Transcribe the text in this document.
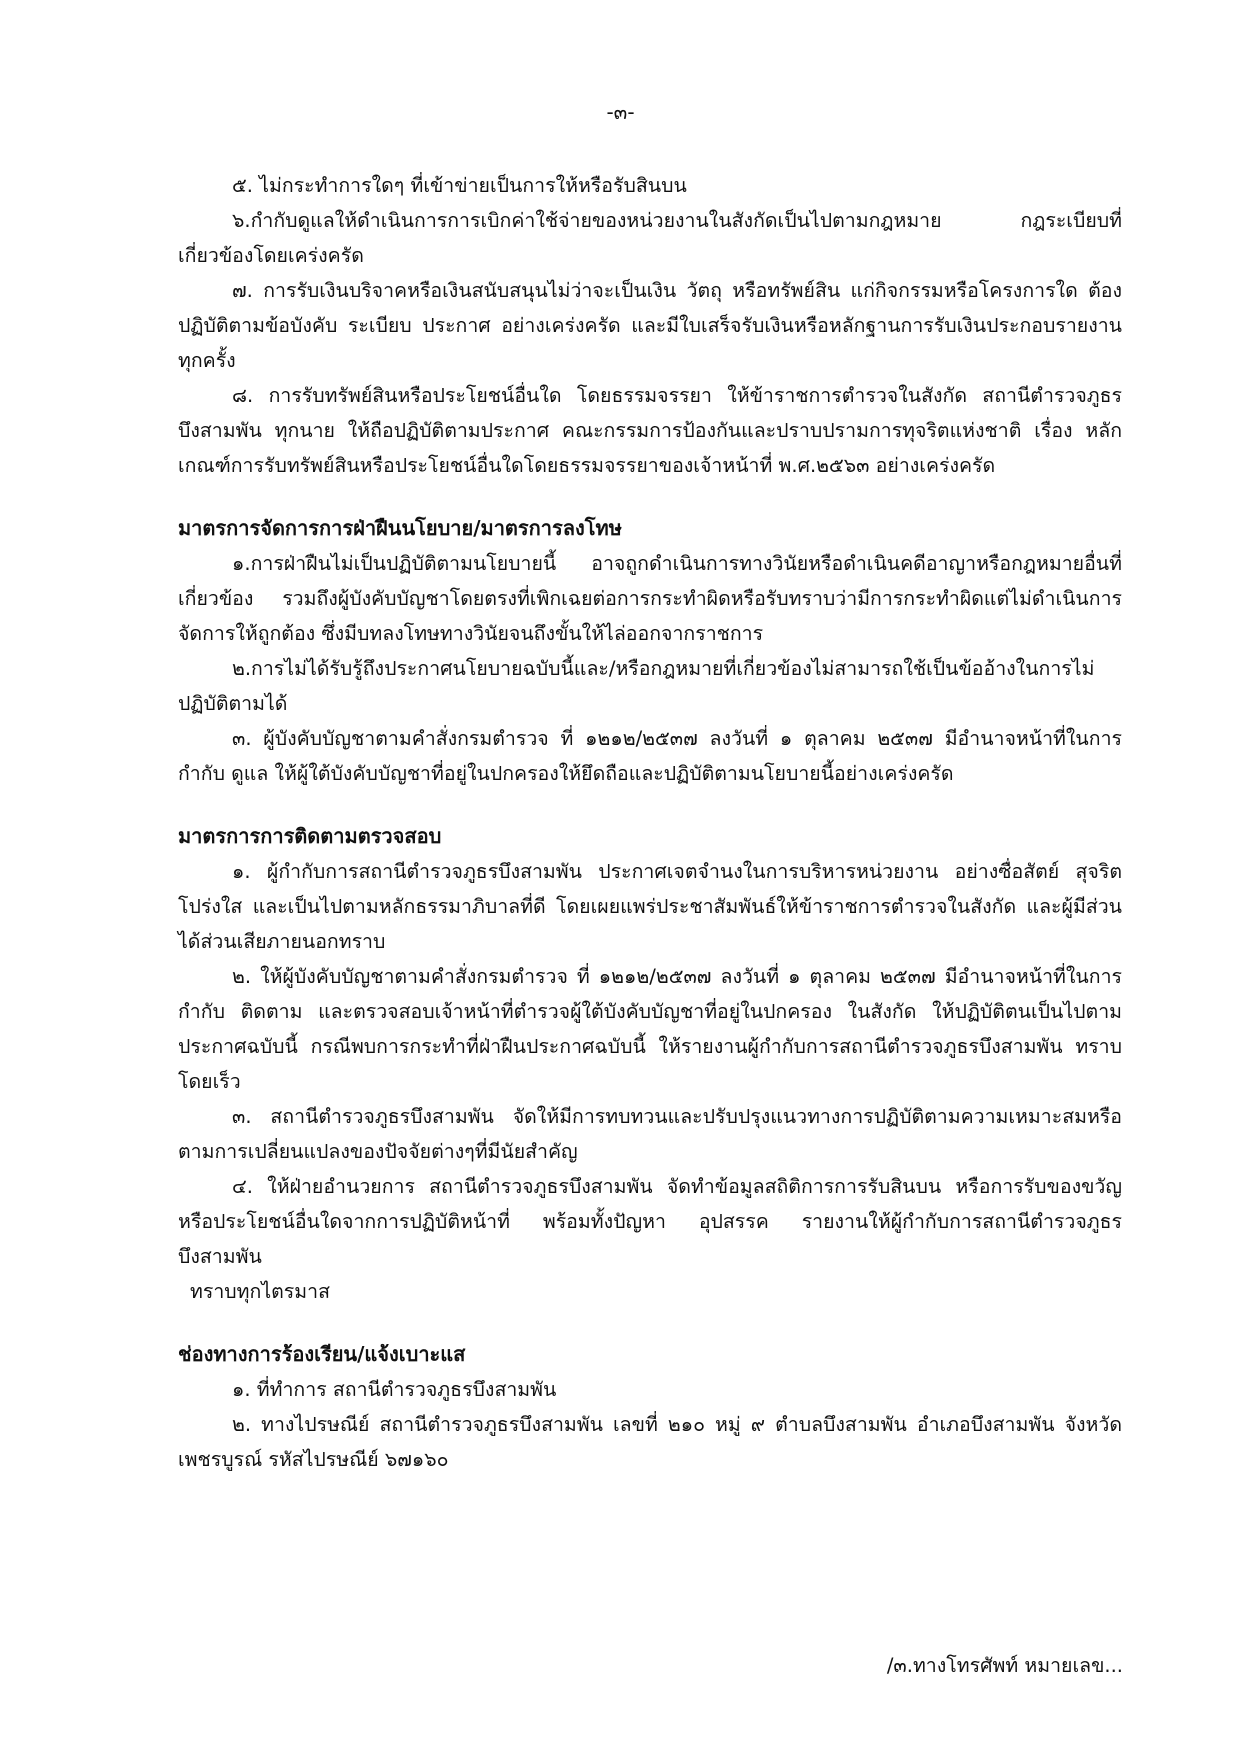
-๓-

๕. ไม่กระทำการใดๆ ที่เข้าข่ายเป็นการให้หรือรับสินบน

๖.กำกับดูแลให้ดำเนินการการเบิกค่าใช้จ่ายของหน่วยงานในสังกัดเป็นไปตามกฎหมาย กฎระเบียบที่เกี่ยวข้องโดยเคร่งครัด

๗. การรับเงินบริจาคหรือเงินสนับสนุนไม่ว่าจะเป็นเงิน วัตถุ หรือทรัพย์สิน แก่กิจกรรมหรือโครงการใด ต้องปฏิบัติตามข้อบังคับ ระเบียบ ประกาศ อย่างเคร่งครัด และมีใบเสร็จรับเงินหรือหลักฐานการรับเงินประกอบรายงานทุกครั้ง

๘. การรับทรัพย์สินหรือประโยชน์อื่นใด โดยธรรมจรรยา ให้ข้าราชการตำรวจในสังกัด สถานีตำรวจภูธรบึงสามพัน ทุกนาย ให้ถือปฏิบัติตามประกาศ คณะกรรมการป้องกันและปราบปรามการทุจริตแห่งชาติ เรื่อง หลักเกณฑ์การรับทรัพย์สินหรือประโยชน์อื่นใดโดยธรรมจรรยาของเจ้าหน้าที่ พ.ศ.๒๕๖๓ อย่างเคร่งครัด

มาตรการจัดการการฝ่าฝืนนโยบาย/มาตรการลงโทษ

๑.การฝ่าฝืนไม่เป็นปฏิบัติตามนโยบายนี้ อาจถูกดำเนินการทางวินัยหรือดำเนินคดีอาญาหรือกฎหมายอื่นที่เกี่ยวข้อง รวมถึงผู้บังคับบัญชาโดยตรงที่เพิกเฉยต่อการกระทำผิดหรือรับทราบว่ามีการกระทำผิดแต่ไม่ดำเนินการจัดการให้ถูกต้อง ซึ่งมีบทลงโทษทางวินัยจนถึงขั้นให้ไล่ออกจากราชการ

๒.การไม่ได้รับรู้ถึงประกาศนโยบายฉบับนี้และ/หรือกฎหมายที่เกี่ยวข้องไม่สามารถใช้เป็นข้ออ้างในการไม่ปฏิบัติตามได้

๓. ผู้บังคับบัญชาตามคำสั่งกรมตำรวจ ที่ ๑๒๑๒/๒๕๓๗ ลงวันที่ ๑ ตุลาคม ๒๕๓๗ มีอำนาจหน้าที่ในการกำกับ ดูแล ให้ผู้ใต้บังคับบัญชาที่อยู่ในปกครองให้ยึดถือและปฏิบัติตามนโยบายนี้อย่างเคร่งครัด

มาตรการการติดตามตรวจสอบ

๑. ผู้กำกับการสถานีตำรวจภูธรบึงสามพัน ประกาศเจตจำนงในการบริหารหน่วยงาน อย่างซื่อสัตย์ สุจริต โปร่งใส และเป็นไปตามหลักธรรมาภิบาลที่ดี โดยเผยแพร่ประชาสัมพันธ์ให้ข้าราชการตำรวจในสังกัด และผู้มีส่วนได้ส่วนเสียภายนอกทราบ

๒. ให้ผู้บังคับบัญชาตามคำสั่งกรมตำรวจ ที่ ๑๒๑๒/๒๕๓๗ ลงวันที่ ๑ ตุลาคม ๒๕๓๗ มีอำนาจหน้าที่ในการกำกับ ติดตาม และตรวจสอบเจ้าหน้าที่ตำรวจผู้ใต้บังคับบัญชาที่อยู่ในปกครอง ในสังกัด ให้ปฏิบัติตนเป็นไปตามประกาศฉบับนี้ กรณีพบการกระทำที่ฝ่าฝืนประกาศฉบับนี้ ให้รายงานผู้กำกับการสถานีตำรวจภูธรบึงสามพัน ทราบโดยเร็ว

๓. สถานีตำรวจภูธรบึงสามพัน จัดให้มีการทบทวนและปรับปรุงแนวทางการปฏิบัติตามความเหมาะสมหรือตามการเปลี่ยนแปลงของปัจจัยต่างๆที่มีนัยสำคัญ

๔. ให้ฝ่ายอำนวยการ สถานีตำรวจภูธรบึงสามพัน จัดทำข้อมูลสถิติการการรับสินบน หรือการรับของขวัญหรือประโยชน์อื่นใดจากการปฏิบัติหน้าที่ พร้อมทั้งปัญหา อุปสรรค รายงานให้ผู้กำกับการสถานีตำรวจภูธรบึงสามพัน

ทราบทุกไตรมาส

ช่องทางการร้องเรียน/แจ้งเบาะแส

๑. ที่ทำการ สถานีตำรวจภูธรบึงสามพัน

๒. ทางไปรษณีย์ สถานีตำรวจภูธรบึงสามพัน เลขที่ ๒๑๐ หมู่ ๙ ตำบลบึงสามพัน อำเภอบึงสามพัน จังหวัดเพชรบูรณ์ รหัสไปรษณีย์ ๖๗๑๖๐

/๓.ทางโทรศัพท์ หมายเลข...
